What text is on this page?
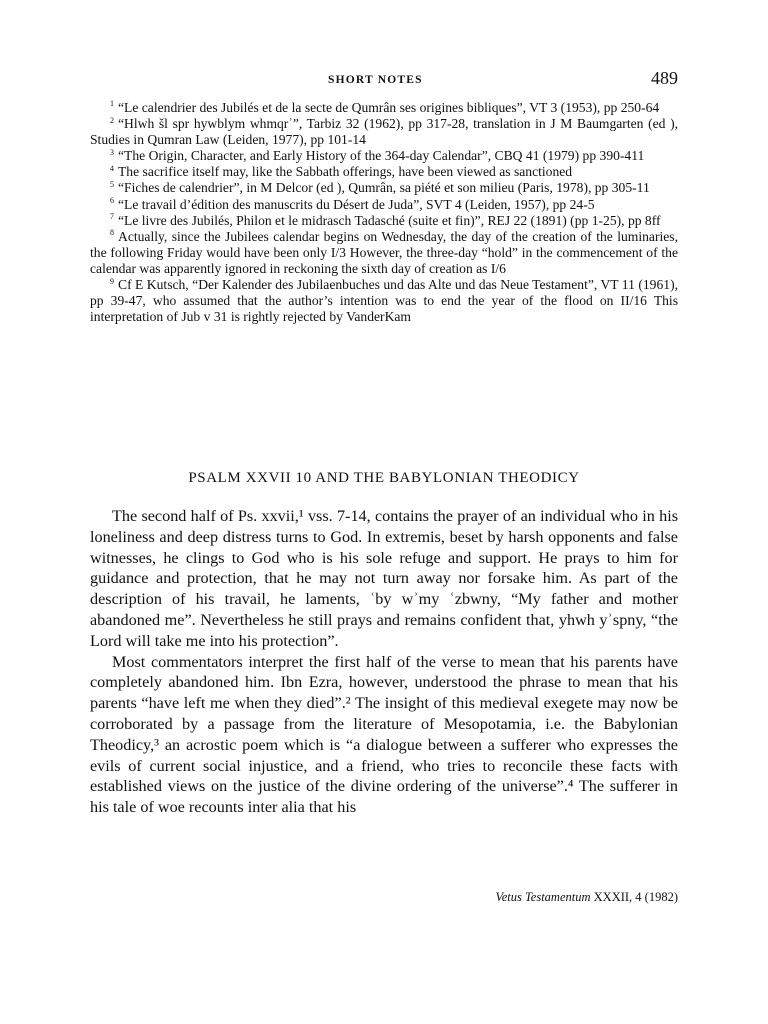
SHORT NOTES	489

$^1$ “Le calendrier des Jubilés et de la secte de Qumrân ses origines bibliques”, VT 3 (1953), pp 250-64

$^2$ “Hlwh šl spr hywblym whmqrʾ”, Tarbiz 32 (1962), pp 317-28, translation in J M Baumgarten (ed ), Studies in Qumran Law (Leiden, 1977), pp 101-14

$^3$ “The Origin, Character, and Early History of the 364-day Calendar”, CBQ 41 (1979) pp 390-411

$^4$ The sacrifice itself may, like the Sabbath offerings, have been viewed as sanctioned

$^5$ “Fiches de calendrier”, in M Delcor (ed ), Qumrân, sa piété et son milieu (Paris, 1978), pp 305-11

$^6$ “Le travail d’édition des manuscrits du Désert de Juda”, SVT 4 (Leiden, 1957), pp 24-5

$^7$ “Le livre des Jubilés, Philon et le midrasch Tadasché (suite et fin)”, REJ 22 (1891) (pp 1-25), pp 8ff

$^8$ Actually, since the Jubilees calendar begins on Wednesday, the day of the creation of the luminaries, the following Friday would have been only I/3 However, the three-day “hold” in the commencement of the calendar was apparently ignored in reckoning the sixth day of creation as I/6

$^9$ Cf E Kutsch, “Der Kalender des Jubilaenbuches und das Alte und das Neue Testament”, VT 11 (1961), pp 39-47, who assumed that the author’s intention was to end the year of the flood on II/16 This interpretation of Jub v 31 is rightly rejected by VanderKam

PSALM XXVII 10 AND THE BABYLONIAN THEODICY

The second half of Ps. xxvii,¹ vss. 7-14, contains the prayer of an individual who in his loneliness and deep distress turns to God. In extremis, beset by harsh opponents and false witnesses, he clings to God who is his sole refuge and support. He prays to him for guidance and protection, that he may not turn away nor forsake him. As part of the description of his travail, he laments, ʿby wʾmy ʿzbwny, “My father and mother abandoned me”. Nevertheless he still prays and remains confident that, yhwh yʾspny, “the Lord will take me into his protection”.

Most commentators interpret the first half of the verse to mean that his parents have completely abandoned him. Ibn Ezra, however, understood the phrase to mean that his parents “have left me when they died”.² The insight of this medieval exegete may now be corroborated by a passage from the literature of Mesopotamia, i.e. the Babylonian Theodicy,³ an acrostic poem which is “a dialogue between a sufferer who expresses the evils of current social injustice, and a friend, who tries to reconcile these facts with established views on the justice of the divine ordering of the universe”.⁴ The sufferer in his tale of woe recounts inter alia that his

Vetus Testamentum XXXII, 4 (1982)
